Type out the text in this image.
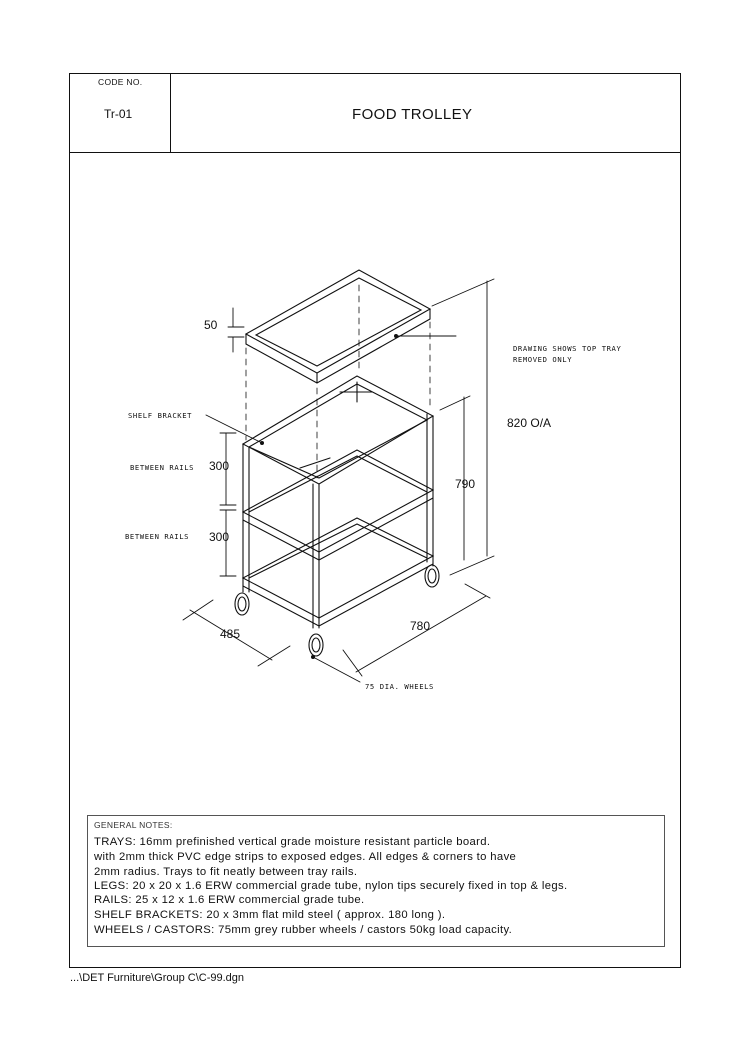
CODE NO.
Tr-01	FOOD TROLLEY
SHELF BRACKET
BETWEEN RAILS
BETWEEN RAILS
DRAWING SHOWS TOP TRAY
REMOVED ONLY
75 DIA. WHEELS
50
300
300
820 O/A
790
780
485
GENERAL NOTES:
TRAYS: 16mm prefinished vertical grade moisture resistant particle board.
with 2mm thick PVC edge strips to exposed edges. All edges & corners to have
2mm radius. Trays to fit neatly between tray rails.
LEGS: 20 x 20 x 1.6 ERW commercial grade tube, nylon tips securely fixed in top & legs.
RAILS: 25 x 12 x 1.6 ERW commercial grade tube.
SHELF BRACKETS: 20 x 3mm flat mild steel ( approx. 180 long ).
WHEELS / CASTORS: 75mm grey rubber wheels / castors 50kg load capacity.
...\DET Furniture\Group C\C-99.dgn
